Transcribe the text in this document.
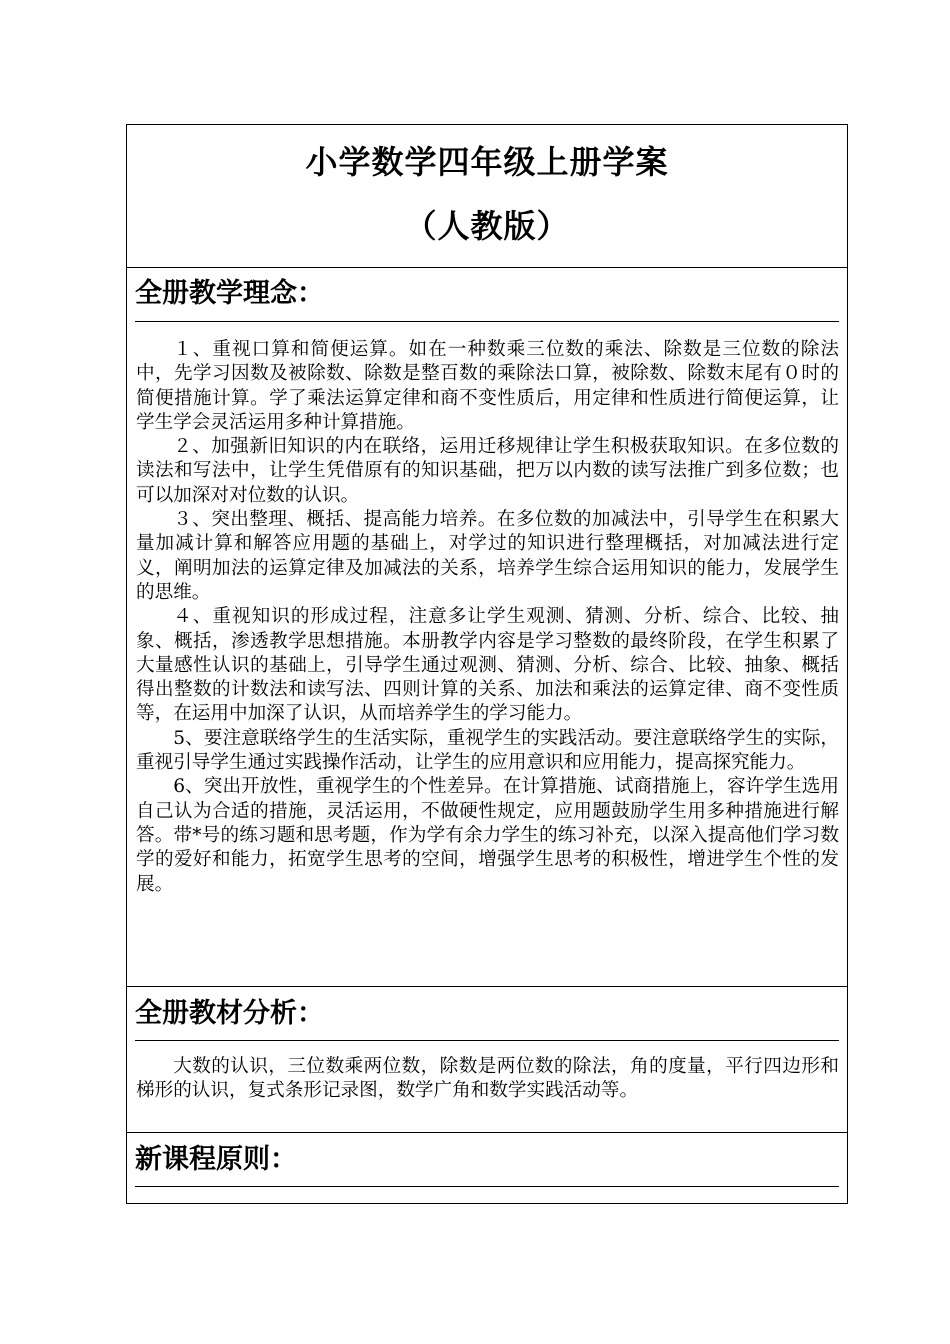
小学数学四年级上册学案
（人教版）
全册教学理念：

１、重视口算和简便运算。如在一种数乘三位数的乘法、除数是三位数的除法中，先学习因数及被除数、除数是整百数的乘除法口算，被除数、除数末尾有０时的简便措施计算。学了乘法运算定律和商不变性质后，用定律和性质进行简便运算，让学生学会灵活运用多种计算措施。

２、加强新旧知识的内在联络，运用迁移规律让学生积极获取知识。在多位数的读法和写法中，让学生凭借原有的知识基础，把万以内数的读写法推广到多位数；也可以加深对对位数的认识。

３、突出整理、概括、提高能力培养。在多位数的加减法中，引导学生在积累大量加减计算和解答应用题的基础上，对学过的知识进行整理概括，对加减法进行定义，阐明加法的运算定律及加减法的关系，培养学生综合运用知识的能力，发展学生的思维。

４、重视知识的形成过程，注意多让学生观测、猜测、分析、综合、比较、抽象、概括，渗透教学思想措施。本册教学内容是学习整数的最终阶段，在学生积累了大量感性认识的基础上，引导学生通过观测、猜测、分析、综合、比较、抽象、概括得出整数的计数法和读写法、四则计算的关系、加法和乘法的运算定律、商不变性质等，在运用中加深了认识，从而培养学生的学习能力。

5、要注意联络学生的生活实际，重视学生的实践活动。要注意联络学生的实际，重视引导学生通过实践操作活动，让学生的应用意识和应用能力，提高探究能力。

6、突出开放性，重视学生的个性差异。在计算措施、试商措施上，容许学生选用自己认为合适的措施，灵活运用，不做硬性规定，应用题鼓励学生用多种措施进行解答。带*号的练习题和思考题，作为学有余力学生的练习补充，以深入提高他们学习数学的爱好和能力，拓宽学生思考的空间，增强学生思考的积极性，增进学生个性的发展。

全册教材分析：

大数的认识，三位数乘两位数，除数是两位数的除法，角的度量，平行四边形和梯形的认识，复式条形记录图，数学广角和数学实践活动等。

新课程原则：
